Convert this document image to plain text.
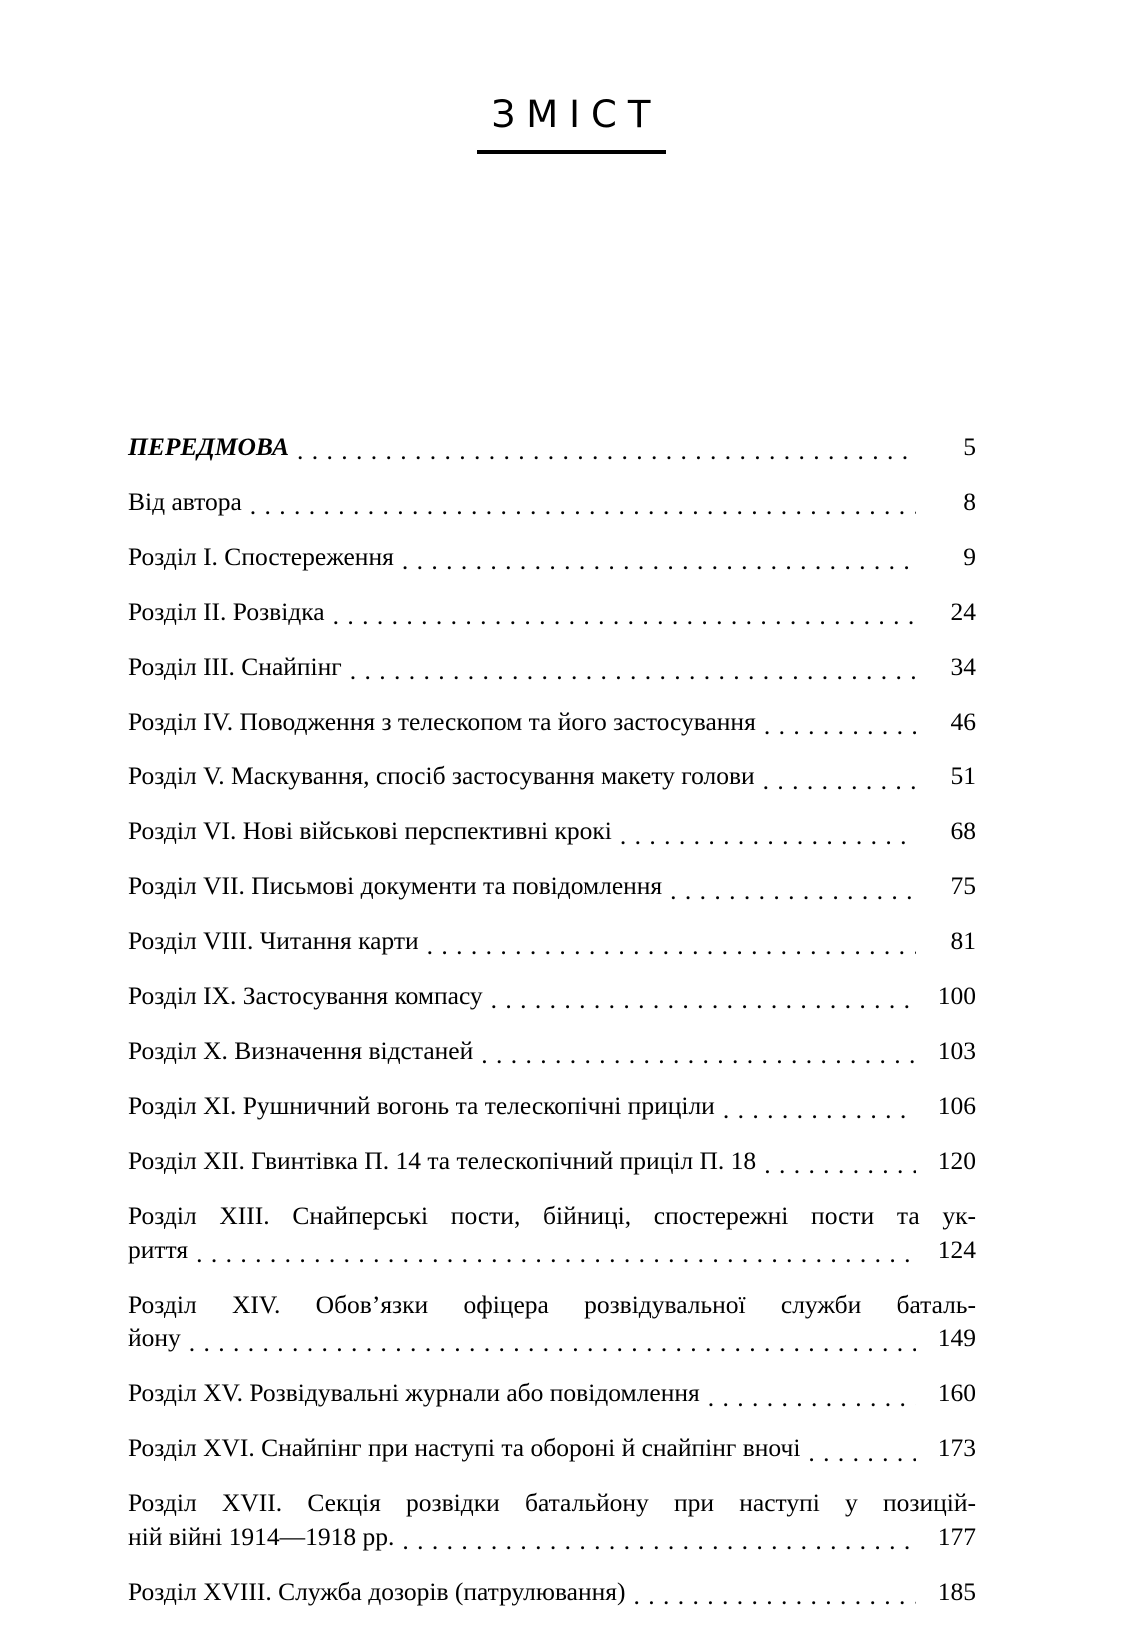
ЗМІСТ
ПЕРЕДМОВА . . .	5
Від автора . . .	8
Розділ I. Спостереження . . .	9
Розділ II. Розвідка . . .	24
Розділ III. Снайпінг . . .	34
Розділ IV. Поводження з телескопом та його застосування . . .	46
Розділ V. Маскування, спосіб застосування макету голови . . .	51
Розділ VI. Нові військові перспективні крокі . . .	68
Розділ VII. Письмові документи та повідомлення . . .	75
Розділ VIII. Читання карти . . .	81
Розділ IX. Застосування компасу . . .	100
Розділ X. Визначення відстаней . . .	103
Розділ XI. Рушничний вогонь та телескопічні приціли . . .	106
Розділ XII. Гвинтівка П. 14 та телескопічний приціл П. 18 . . .	120
Розділ XIII. Снайперські пости, бійниці, спостережні пости та ук-
риття . . .	124
Розділ XIV. Обов’язки офіцера розвідувальної служби баталь-
йону . . .	149
Розділ XV. Розвідувальні журнали або повідомлення . . .	160
Розділ XVI. Снайпінг при наступі та обороні й снайпінг вночі . . .	173
Розділ XVII. Секція розвідки батальйону при наступі у позицій-
ній війні 1914—1918 рр. . . .	177
Розділ XVIII. Служба дозорів (патрулювання) . . .	185
